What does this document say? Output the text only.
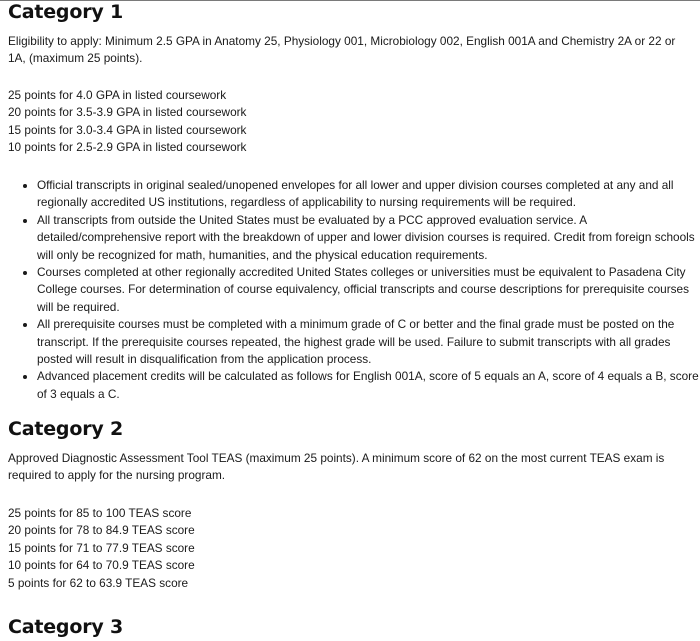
Category 1

Eligibility to apply: Minimum 2.5 GPA in Anatomy 25, Physiology 001, Microbiology 002, English 001A and Chemistry 2A or 22 or 1A, (maximum 25 points).

25 points for 4.0 GPA in listed coursework
20 points for 3.5-3.9 GPA in listed coursework
15 points for 3.0-3.4 GPA in listed coursework
10 points for 2.5-2.9 GPA in listed coursework
• Official transcripts in original sealed/unopened envelopes for all lower and upper division courses completed at any and all regionally accredited US institutions, regardless of applicability to nursing requirements will be required.
• All transcripts from outside the United States must be evaluated by a PCC approved evaluation service. A detailed/comprehensive report with the breakdown of upper and lower division courses is required. Credit from foreign schools will only be recognized for math, humanities, and the physical education requirements.
• Courses completed at other regionally accredited United States colleges or universities must be equivalent to Pasadena City College courses. For determination of course equivalency, official transcripts and course descriptions for prerequisite courses will be required.
• All prerequisite courses must be completed with a minimum grade of C or better and the final grade must be posted on the transcript. If the prerequisite courses repeated, the highest grade will be used. Failure to submit transcripts with all grades posted will result in disqualification from the application process.
• Advanced placement credits will be calculated as follows for English 001A, score of 5 equals an A, score of 4 equals a B, score of 3 equals a C.
Category 2

Approved Diagnostic Assessment Tool TEAS (maximum 25 points). A minimum score of 62 on the most current TEAS exam is required to apply for the nursing program.

25 points for 85 to 100 TEAS score
20 points for 78 to 84.9 TEAS score
15 points for 71 to 77.9 TEAS score
10 points for 64 to 70.9 TEAS score
5 points for 62 to 63.9 TEAS score
Category 3
